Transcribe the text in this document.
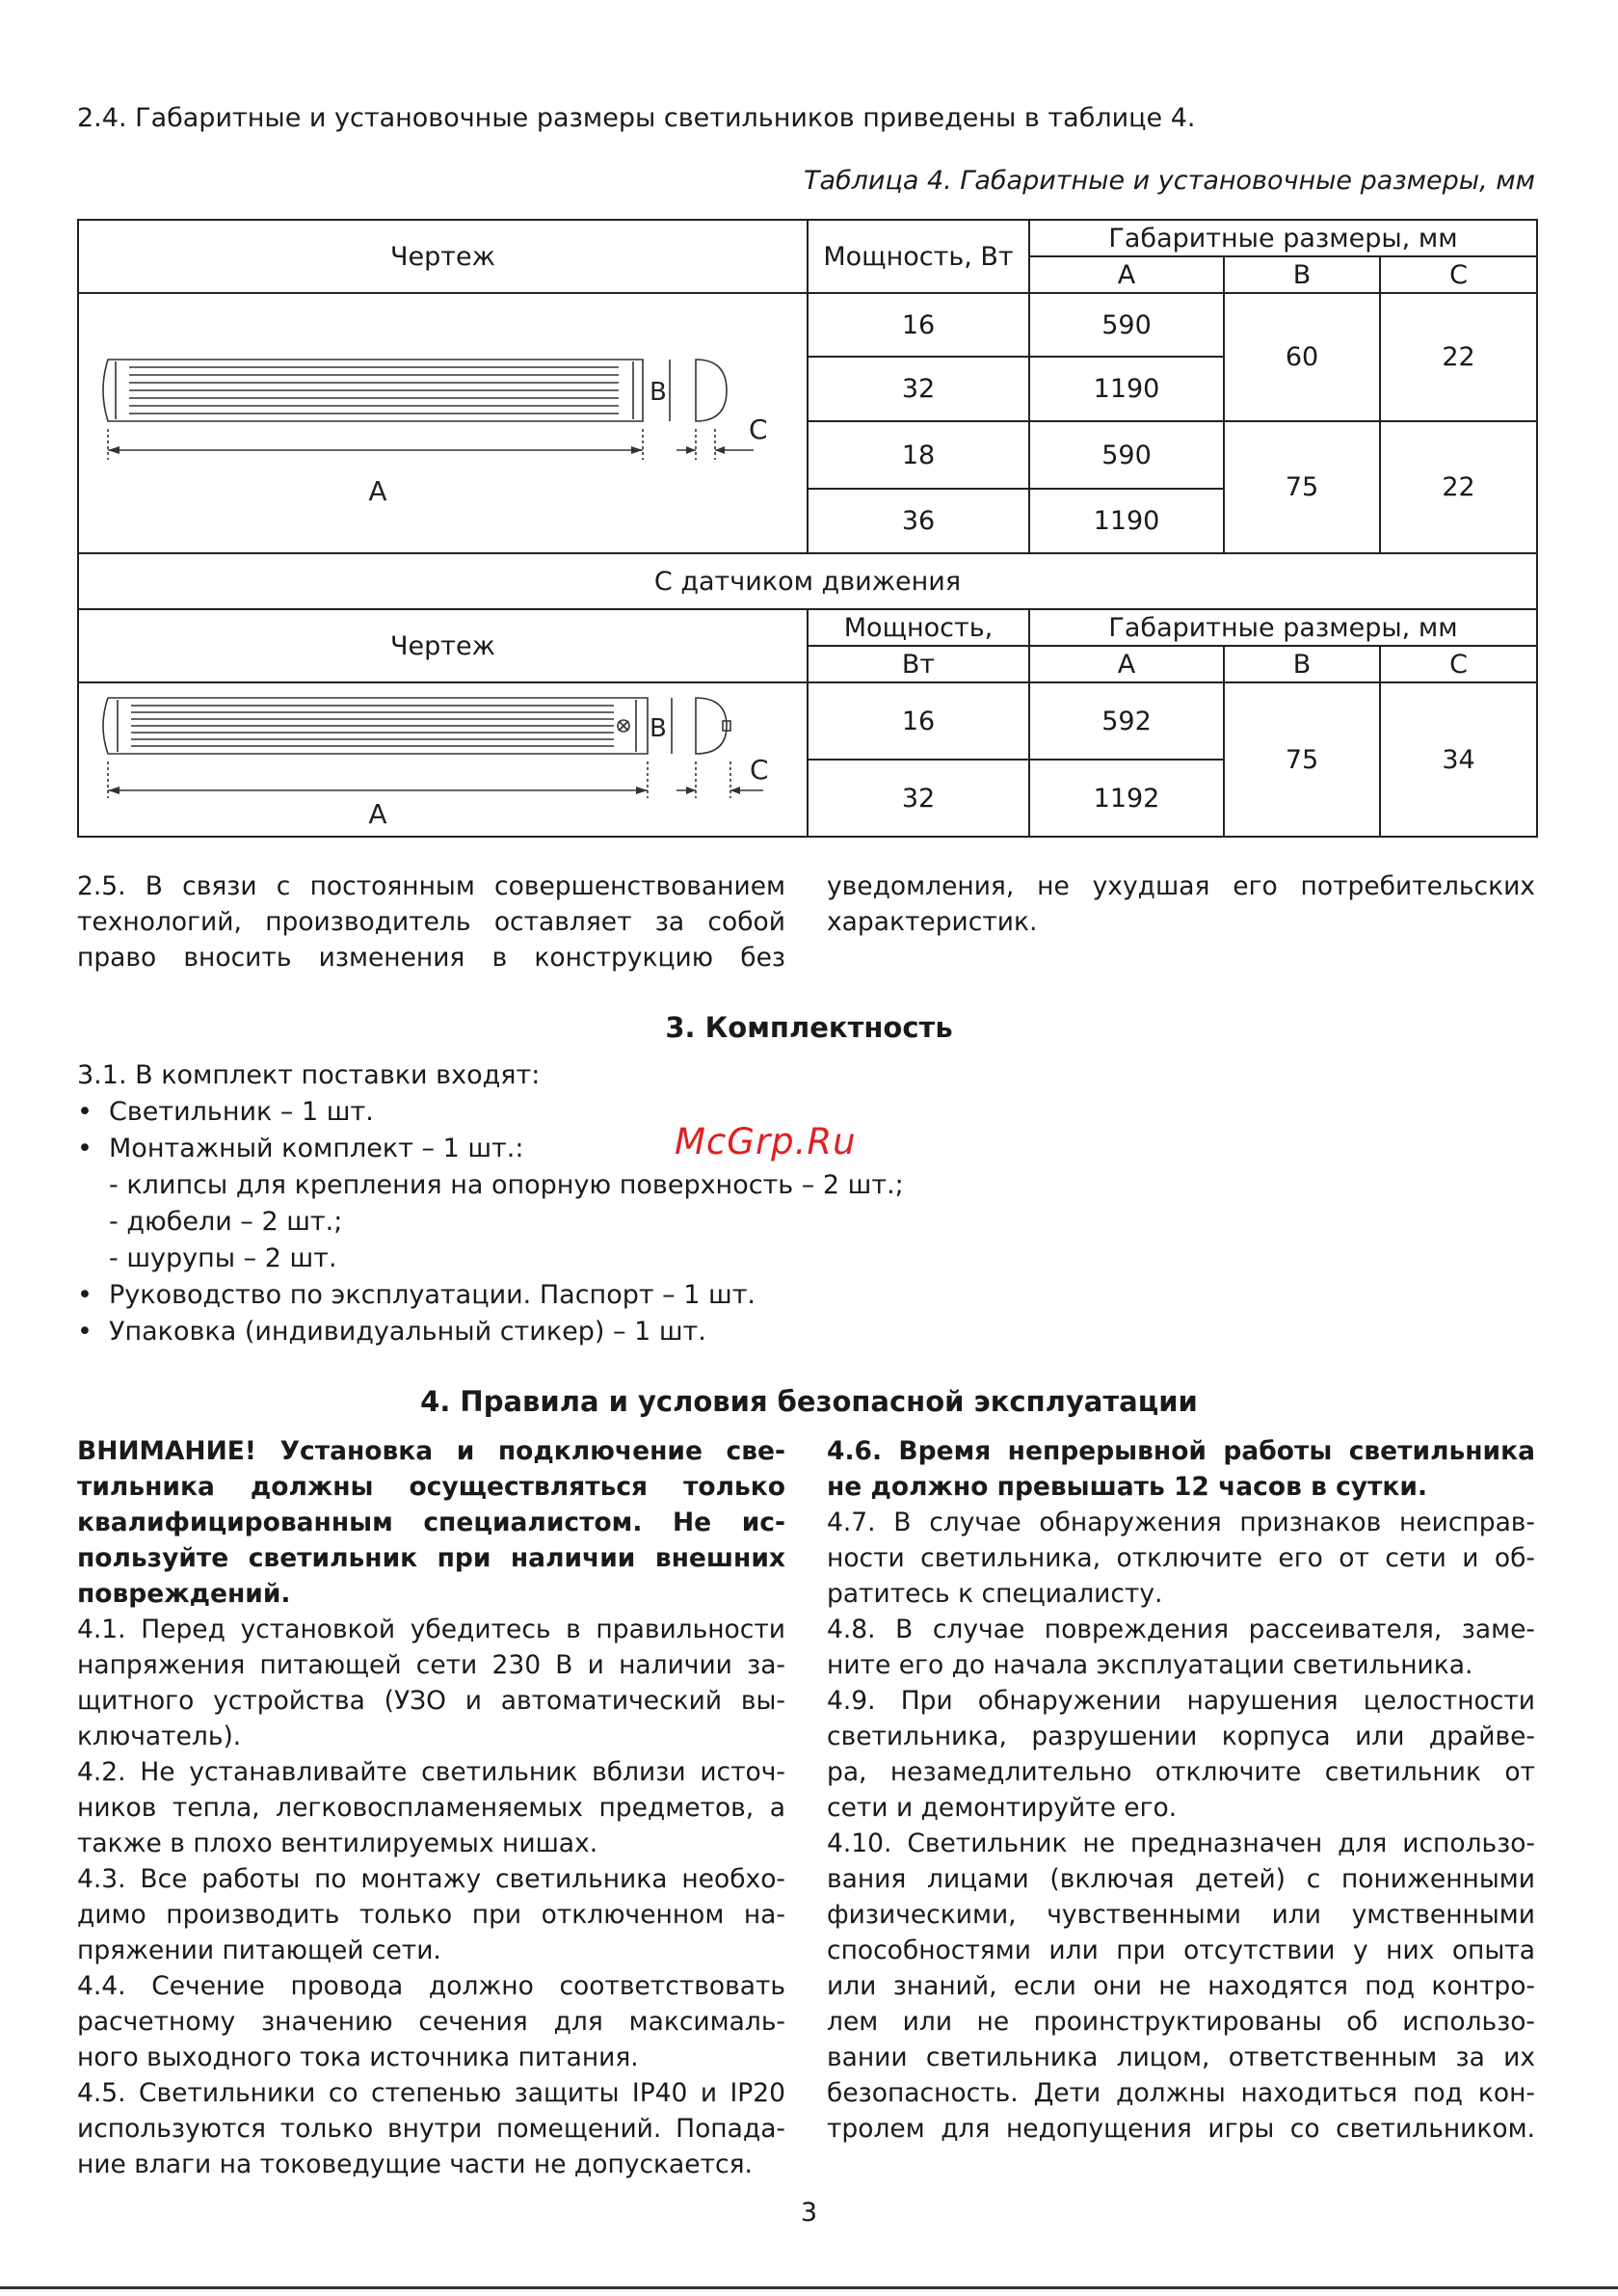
2.4. Габаритные и установочные размеры светильников приведены в таблице 4.
Таблица 4. Габаритные и установочные размеры, мм
Чертеж	Мощность, Вт	Габаритные размеры, мм		
		А	В	С

A
B
C	16	590	60	22
	32	1190		
	18	590	75	22
	36	1190		
С датчиком движения				
Чертеж	Мощность,	Габаритные размеры, мм		
	Вт	А	В	С

A
B
C	16	592	75	34
	32	1192		
2.5. В связи с постоянным совершенствованием
технологий, производитель оставляет за собой
право вносить изменения в конструкцию без
уведомления, не ухудшая его потребительских
характеристик.
3. Комплектность
3.1. В комплект поставки входят:
• Светильник – 1 шт.
• Монтажный комплект – 1 шт.:
- клипсы для крепления на опорную поверхность – 2 шт.;
- дюбели – 2 шт.;
- шурупы – 2 шт.
• Руководство по эксплуатации. Паспорт – 1 шт.
• Упаковка (индивидуальный стикер) – 1 шт.
McGrp.Ru
4. Правила и условия безопасной эксплуатации
ВНИМАНИЕ! Установка и подключение све-
тильника должны осуществляться только
квалифицированным специалистом. Не ис-
пользуйте светильник при наличии внешних
повреждений.
4.1. Перед установкой убедитесь в правильности
напряжения питающей сети 230 В и наличии за-
щитного устройства (УЗО и автоматический вы-
ключатель).
4.2. Не устанавливайте светильник вблизи источ-
ников тепла, легковоспламеняемых предметов, а
также в плохо вентилируемых нишах.
4.3. Все работы по монтажу светильника необхо-
димо производить только при отключенном на-
пряжении питающей сети.
4.4. Сечение провода должно соответствовать
расчетному значению сечения для максималь-
ного выходного тока источника питания.
4.5. Светильники со степенью защиты IP40 и IP20
используются только внутри помещений. Попада-
ние влаги на токоведущие части не допускается.
4.6. Время непрерывной работы светильника
не должно превышать 12 часов в сутки.
4.7. В случае обнаружения признаков неисправ-
ности светильника, отключите его от сети и об-
ратитесь к специалисту.
4.8. В случае повреждения рассеивателя, заме-
ните его до начала эксплуатации светильника.
4.9. При обнаружении нарушения целостности
светильника, разрушении корпуса или драйве-
ра, незамедлительно отключите светильник от
сети и демонтируйте его.
4.10. Светильник не предназначен для использо-
вания лицами (включая детей) с пониженными
физическими, чувственными или умственными
способностями или при отсутствии у них опыта
или знаний, если они не находятся под контро-
лем или не проинструктированы об использо-
вании светильника лицом, ответственным за их
безопасность. Дети должны находиться под кон-
тролем для недопущения игры со светильником.
3
